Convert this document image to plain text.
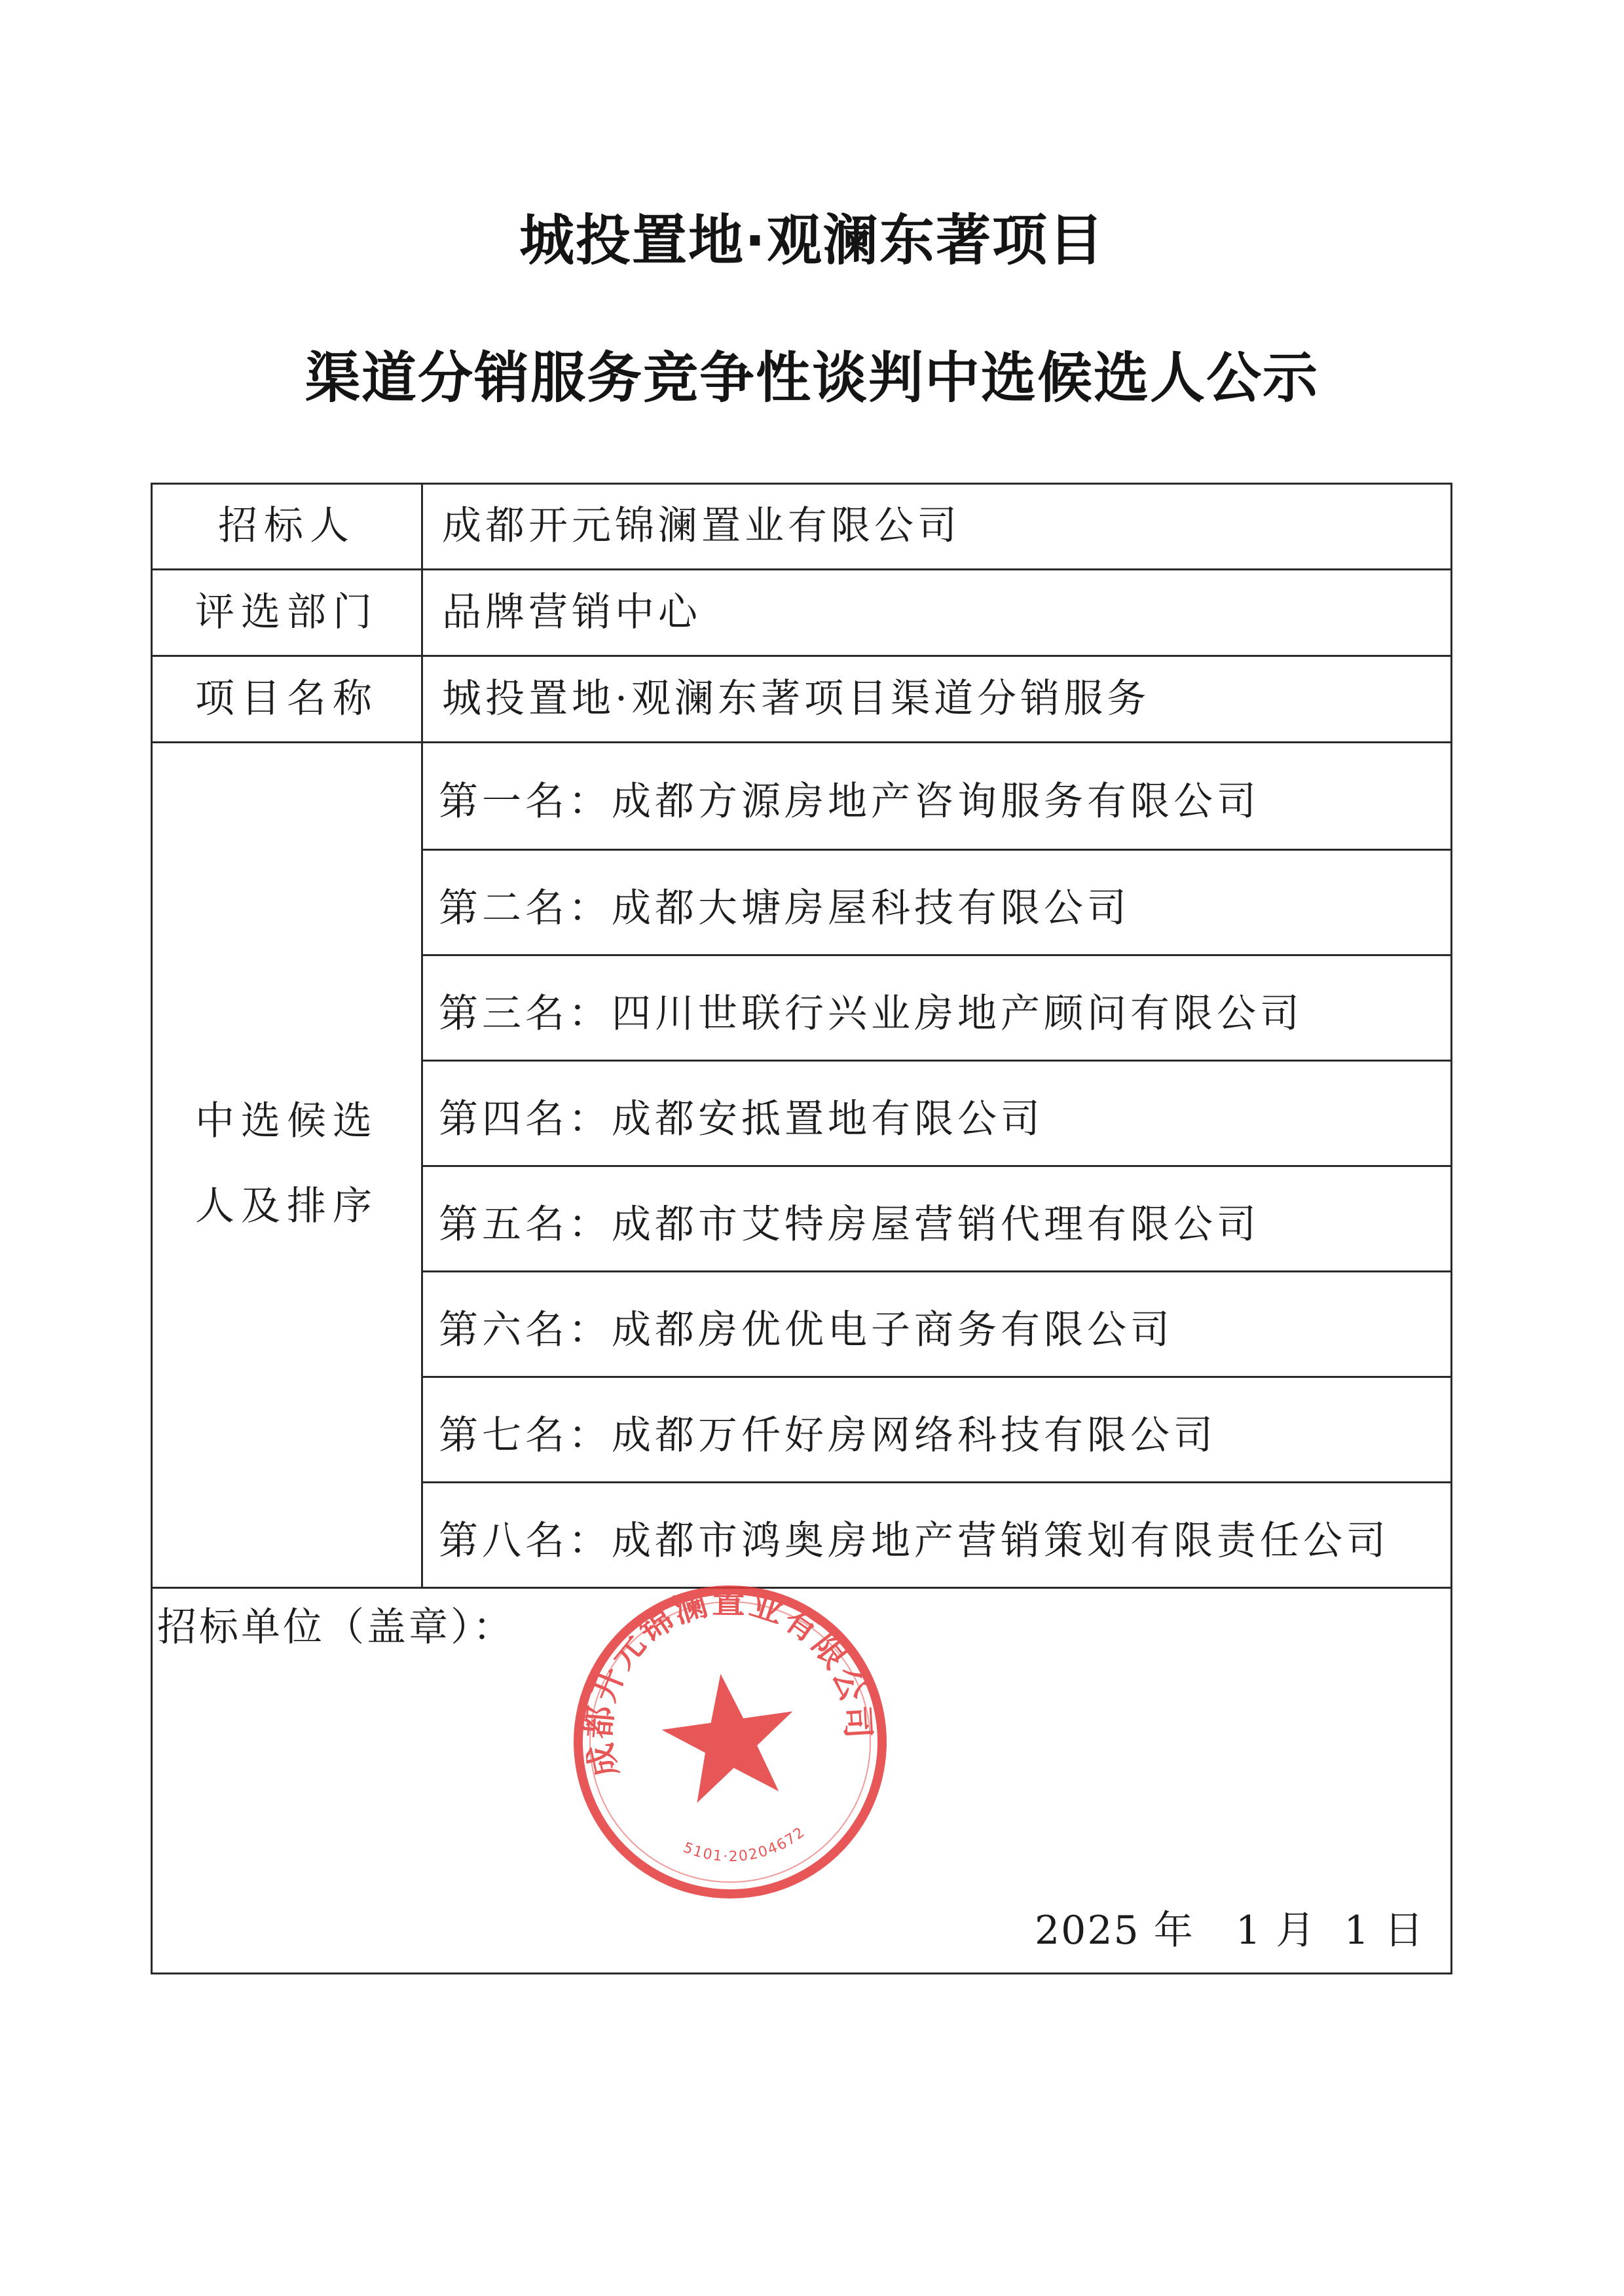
城投置地·观澜东著项目
渠道分销服务竞争性谈判中选候选人公示
招标人	成都开元锦澜置业有限公司
评选部门	品牌营销中心
项目名称	城投置地·观澜东著项目渠道分销服务
中选候选
人及排序
第一名：成都方源房地产咨询服务有限公司
第二名：成都大塘房屋科技有限公司
第三名：四川世联行兴业房地产顾问有限公司
第四名：成都安抵置地有限公司
第五名：成都市艾特房屋营销代理有限公司
第六名：成都房优优电子商务有限公司
第七名：成都万仟好房网络科技有限公司
第八名：成都市鸿奥房地产营销策划有限责任公司
招标单位（盖章）：
2025 年   1 月  1 日
成都开元锦澜置业有限公司
5101·20204672
